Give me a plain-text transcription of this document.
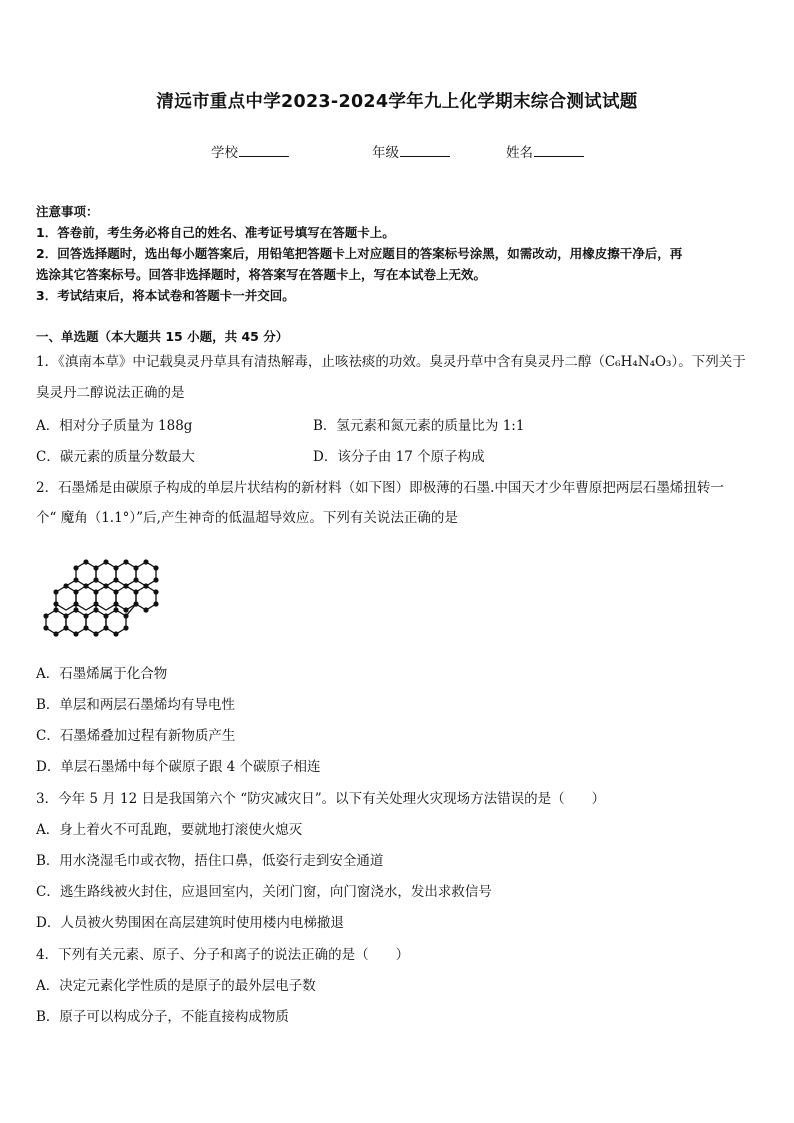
清远市重点中学2023-2024学年九上化学期末综合测试试题
学校	年级	姓名
注意事项：
1．答卷前，考生务必将自己的姓名、准考证号填写在答题卡上。
2．回答选择题时，选出每小题答案后，用铅笔把答题卡上对应题目的答案标号涂黑，如需改动，用橡皮擦干净后，再
选涂其它答案标号。回答非选择题时，将答案写在答题卡上，写在本试卷上无效。
3．考试结束后，将本试卷和答题卡一并交回。
一、单选题（本大题共 15 小题，共 45 分）
1．《滇南本草》中记载臭灵丹草具有清热解毒，止咳祛痰的功效。臭灵丹草中含有臭灵丹二醇（C₆H₄N₄O₃）。下列关于
臭灵丹二醇说法正确的是
A．相对分子质量为 188g	B．氢元素和氮元素的质量比为 1:1
C．碳元素的质量分数最大	D．该分子由 17 个原子构成
2．石墨烯是由碳原子构成的单层片状结构的新材料（如下图）即极薄的石墨.中国天才少年曹原把两层石墨烯扭转一
个“ 魔角（1.1°）”后,产生神奇的低温超导效应。下列有关说法正确的是
A．石墨烯属于化合物
B．单层和两层石墨烯均有导电性
C．石墨烯叠加过程有新物质产生
D．单层石墨烯中每个碳原子跟 4 个碳原子相连
3．今年 5 月 12 日是我国第六个 “防灾减灾日”。以下有关处理火灾现场方法错误的是（　　）
A．身上着火不可乱跑，要就地打滚使火熄灭
B．用水浇湿毛巾或衣物，捂住口鼻，低姿行走到安全通道
C．逃生路线被火封住，应退回室内，关闭门窗，向门窗浇水，发出求救信号
D．人员被火势围困在高层建筑时使用楼内电梯撤退
4．下列有关元素、原子、分子和离子的说法正确的是（　　）
A．决定元素化学性质的是原子的最外层电子数
B．原子可以构成分子，不能直接构成物质
